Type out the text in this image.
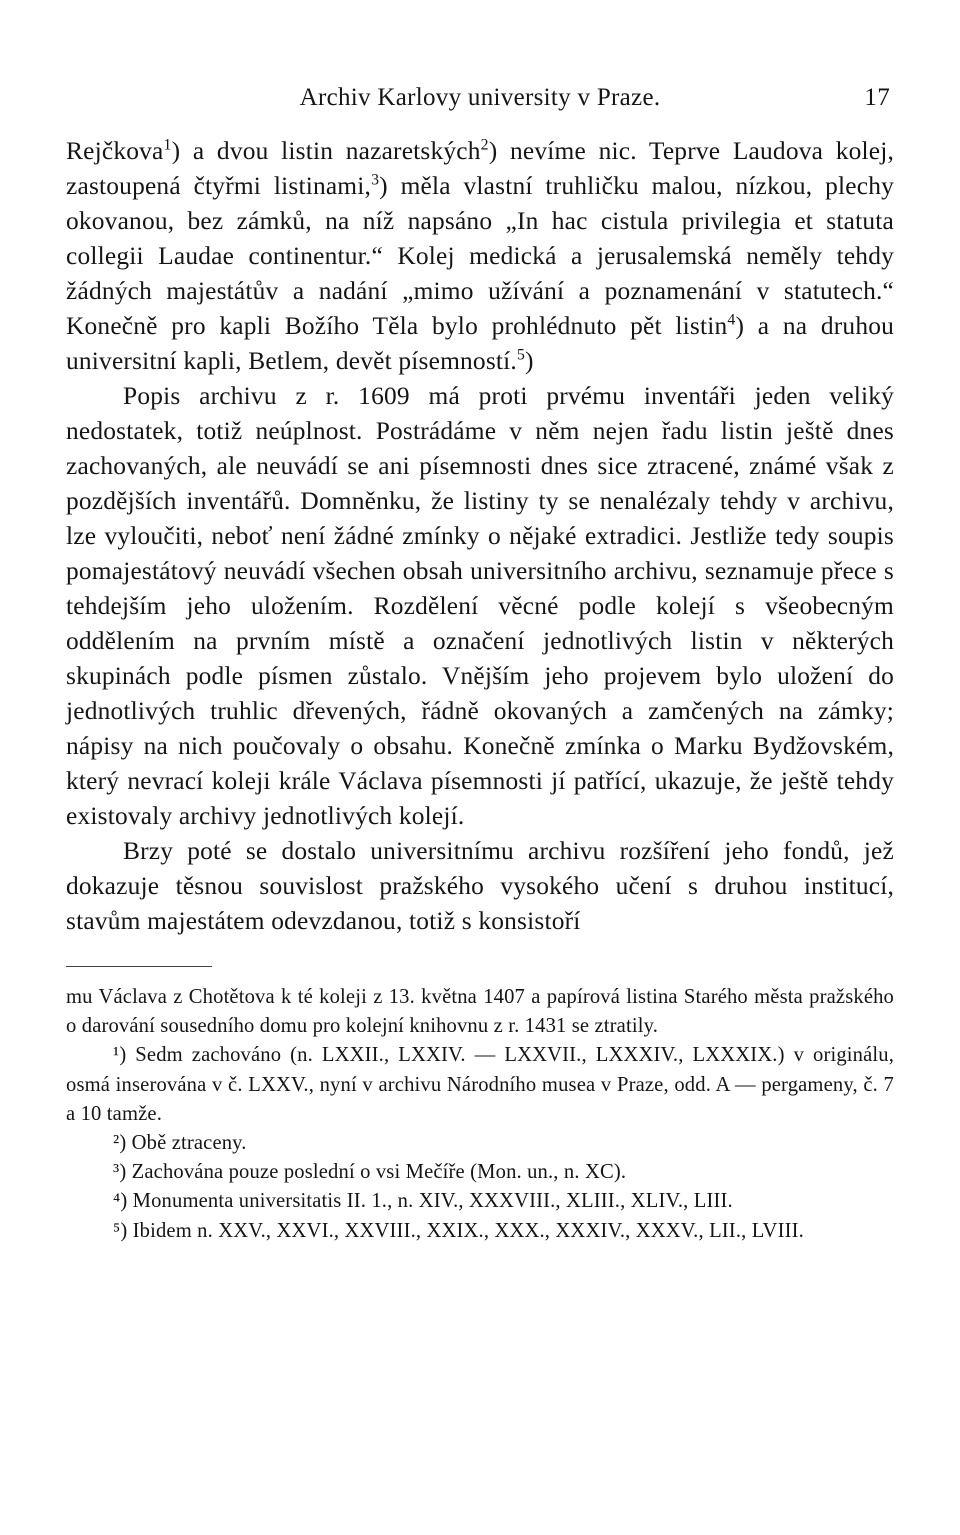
Archiv Karlovy university v Praze.	17

Rejčkova$^1$) a dvou listin nazaretských$^2$) nevíme nic. Teprve Laudova kolej, zastoupená čtyřmi listinami,$^3$) měla vlastní truhličku malou, nízkou, plechy okovanou, bez zámků, na níž napsáno „In hac cistula privilegia et statuta collegii Laudae continentur.“ Kolej medická a jerusalemská neměly tehdy žádných majestátův a nadání „mimo užívání a poznamenání v statutech.“ Konečně pro kapli Božího Těla bylo prohlédnuto pět listin$^4$) a na druhou universitní kapli, Betlem, devět písemností.$^5$)

Popis archivu z r. 1609 má proti prvému inventáři jeden veliký nedostatek, totiž neúplnost. Postrádáme v něm nejen řadu listin ještě dnes zachovaných, ale neuvádí se ani písemnosti dnes sice ztracené, známé však z pozdějších inventářů. Domněnku, že listiny ty se nenalézaly tehdy v archivu, lze vyloučiti, neboť není žádné zmínky o nějaké extradici. Jestliže tedy soupis pomajestátový neuvádí všechen obsah universitního archivu, seznamuje přece s tehdejším jeho uložením. Rozdělení věcné podle kolejí s všeobecným oddělením na prvním místě a označení jednotlivých listin v některých skupinách podle písmen zůstalo. Vnějším jeho projevem bylo uložení do jednotlivých truhlic dřevených, řádně okovaných a zamčených na zámky; nápisy na nich poučovaly o obsahu. Konečně zmínka o Marku Bydžovském, který nevrací koleji krále Václava písemnosti jí patřící, ukazuje, že ještě tehdy existovaly archivy jednotlivých kolejí.

Brzy poté se dostalo universitnímu archivu rozšíření jeho fondů, jež dokazuje těsnou souvislost pražského vysokého učení s druhou institucí, stavům majestátem odevzdanou, totiž s konsistoří

mu Václava z Chotětova k té koleji z 13. května 1407 a papírová listina Starého města pražského o darování sousedního domu pro kolejní knihovnu z r. 1431 se ztratily.

¹) Sedm zachováno (n. LXXII., LXXIV. — LXXVII., LXXXIV., LXXXIX.) v originálu, osmá inserována v č. LXXV., nyní v archivu Národního musea v Praze, odd. A — pergameny, č. 7 a 10 tamže.

²) Obě ztraceny.

³) Zachována pouze poslední o vsi Mečíře (Mon. un., n. XC).

⁴) Monumenta universitatis II. 1., n. XIV., XXXVIII., XLIII., XLIV., LIII.

⁵) Ibidem n. XXV., XXVI., XXVIII., XXIX., XXX., XXXIV., XXXV., LII., LVIII.
